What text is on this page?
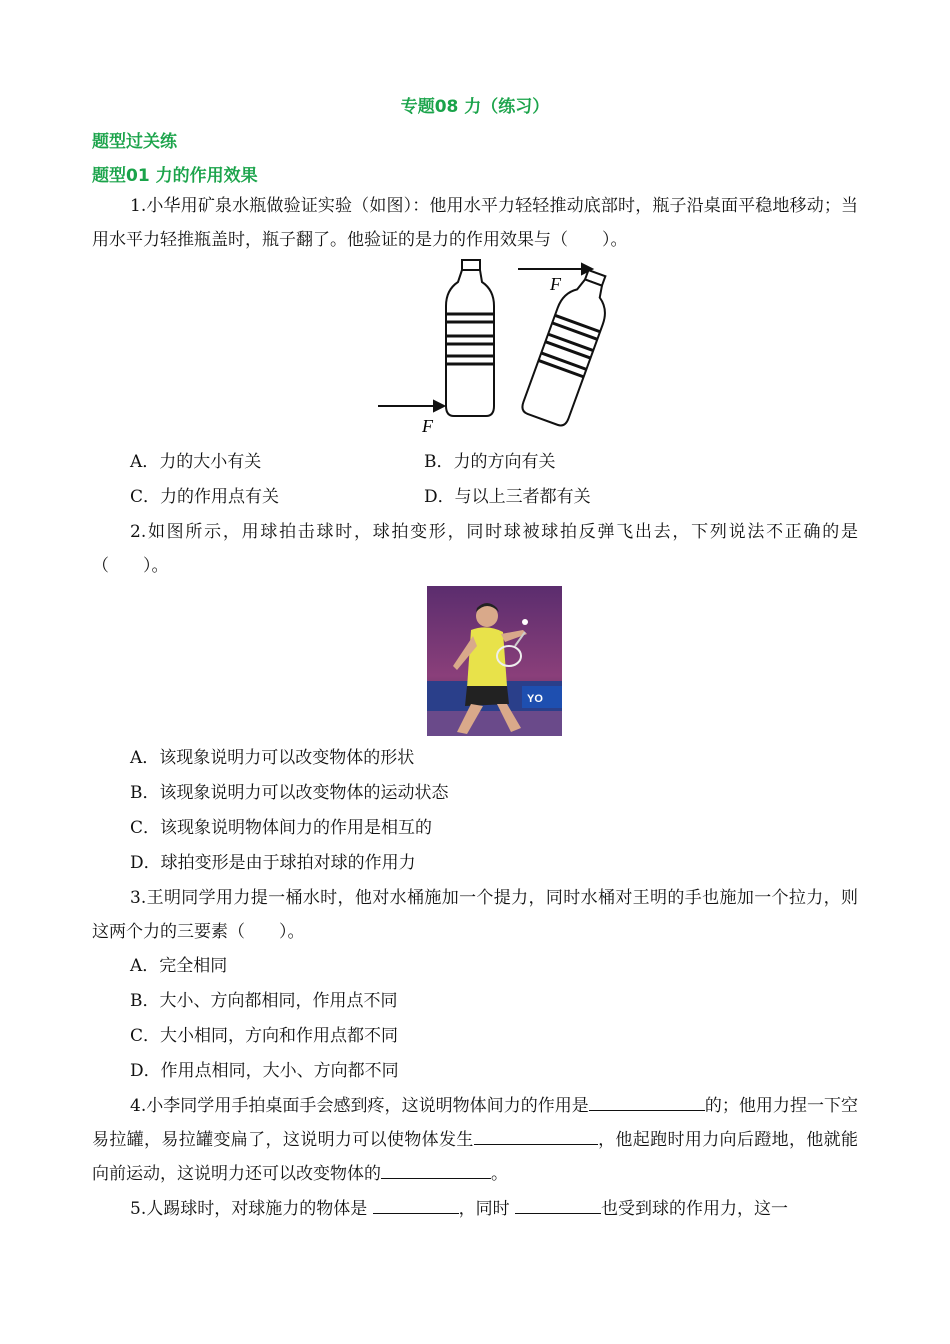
专题08 力（练习）
题型过关练
题型01 力的作用效果
1.小华用矿泉水瓶做验证实验（如图）：他用水平力轻轻推动底部时，瓶子沿桌面平稳地移动；当用水平力轻推瓶盖时，瓶子翻了。他验证的是力的作用效果与（　　）。
F
F
A．力的大小有关	B．力的方向有关
C．力的作用点有关	D．与以上三者都有关
2.如图所示，用球拍击球时，球拍变形，同时球被球拍反弹飞出去，下列说法不正确的是（　　）。
YO
A．该现象说明力可以改变物体的形状
B．该现象说明力可以改变物体的运动状态
C．该现象说明物体间力的作用是相互的
D．球拍变形是由于球拍对球的作用力
3.王明同学用力提一桶水时，他对水桶施加一个提力，同时水桶对王明的手也施加一个拉力，则这两个力的三要素（　　）。
A．完全相同
B．大小、方向都相同，作用点不同
C．大小相同，方向和作用点都不同
D．作用点相同，大小、方向都不同
4.小李同学用手拍桌面手会感到疼，这说明物体间力的作用是	的；他用力捏一下空易拉罐，易拉罐变扁了，这说明力可以使物体发生	，他起跑时用力向后蹬地，他就能向前运动，这说明力还可以改变物体的	。
5.人踢球时，对球施力的物体是	，同时	也受到球的作用力，这一
